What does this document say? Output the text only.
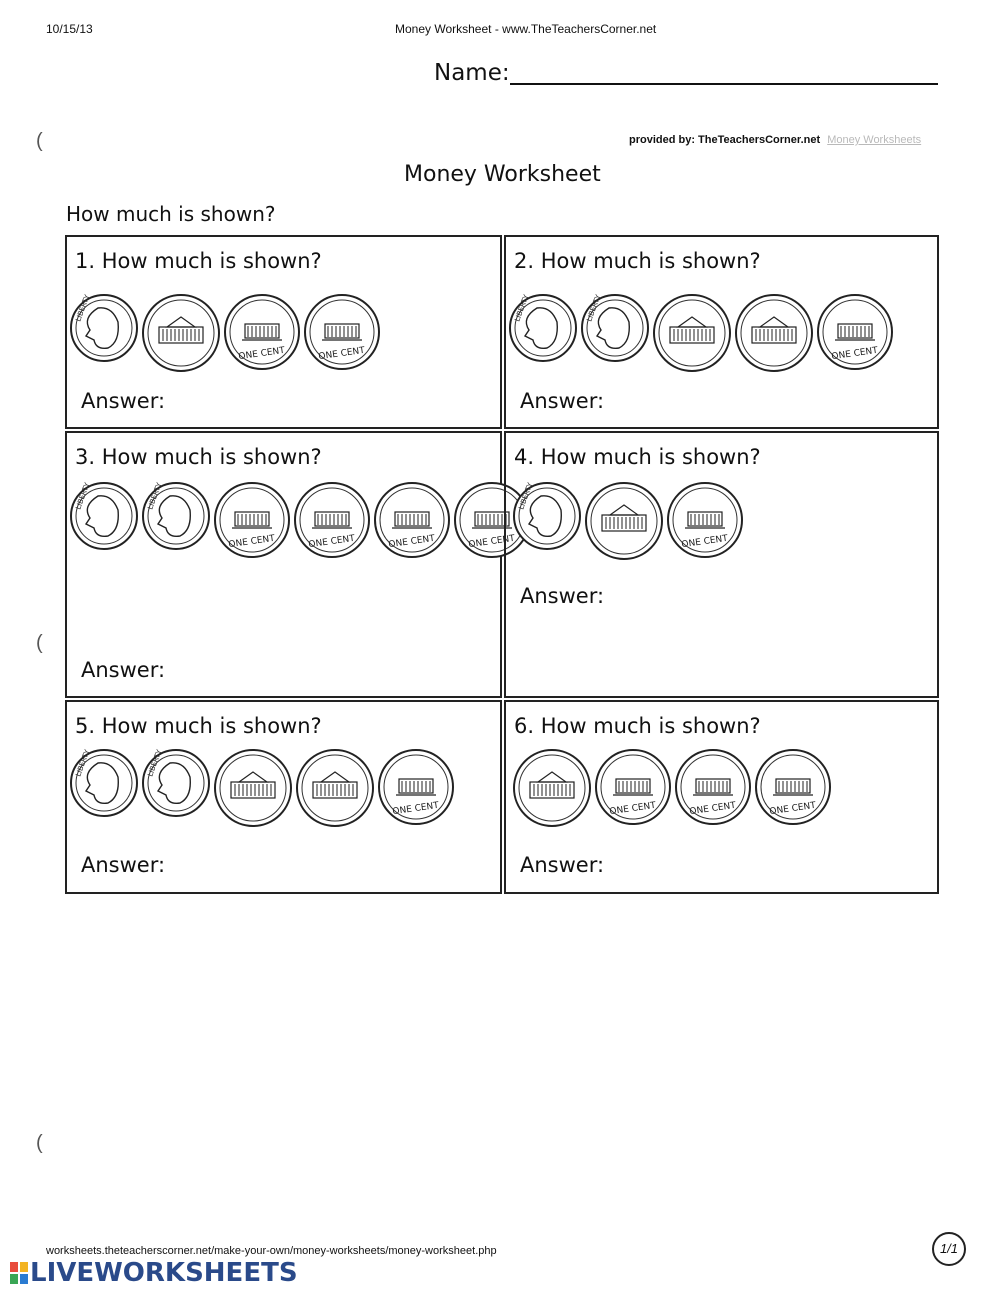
10/15/13	Money Worksheet - www.TheTeachersCorner.net
Name:
provided by: TheTeachersCorner.net Money Worksheets
(
(
(
Money Worksheet
How much is shown?
1. How much is shown?
LIBERTY
ONE CENT	ONE CENT
Answer:
2. How much is shown?
LIBERTY	LIBERTY
ONE CENT
Answer:
3. How much is shown?
LIBERTY	LIBERTY
ONE CENT	ONE CENT	ONE CENT	ONE CENT
Answer:
4. How much is shown?
LIBERTY
ONE CENT
Answer:
5. How much is shown?
LIBERTY	LIBERTY
ONE CENT
Answer:
6. How much is shown?
ONE CENT	ONE CENT	ONE CENT
Answer:
worksheets.theteacherscorner.net/make-your-own/money-worksheets/money-worksheet.php
LIVEWORKSHEETS
1/1
